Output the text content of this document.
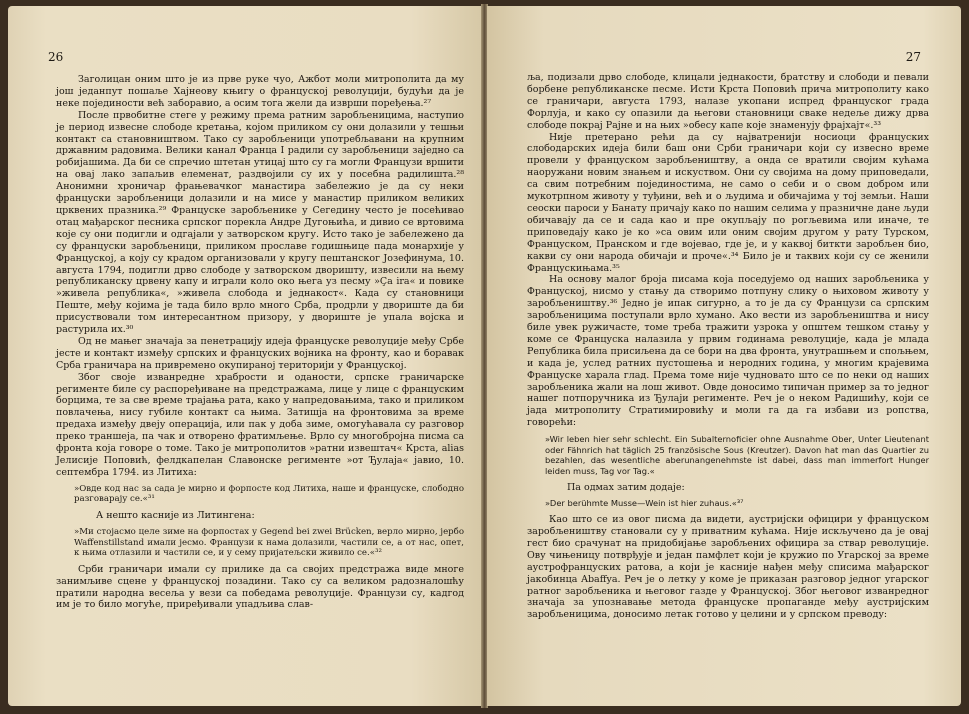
26

Заголицан оним што је из прве руке чуо, Ажбот моли митрополита да му још једанпут пошаље Хајнеову књигу о француској револуцији, будући да је неке појединости већ заборавио, а осим тога жели да изврши поређења.²⁷

После првобитне стеге у режиму према ратним заробљеницима, наступио је период извесне слободе кретања, којом приликом су они долазили у тешњи контакт са становништвом. Тако су заробљеници употребљавани на крупним државним радовима. Велики канал Франца I радили су заробљеници заједно са робијашима. Да би се спречио штетан утицај што су га могли Французи вршити на овај лако запаљив елеменат, раздвојили су их у посебна радилишта.²⁸ Анонимни хроничар фрањевачког манастира забележио је да су неки француски заробљеници долазили и на мисе у манастир приликом великих црквених празника.²⁹ Француске заробљенике у Сегедину често је посећивао отац мађарског песника српског порекла Андре Дугоњића, и дивио се вртовима које су они подигли и одгајали у затворском кругу. Исто тако је забележено да су француски заробљеници, приликом прославе годишњице пада монархије у Француској, а коју су крадом организовали у кругу пештанског Јозефинума, 10. августа 1794, подигли дрво слободе у затворском дворишту, извесили на њему републиканску црвену капу и играли коло око њега уз песму »Ça ira« и повике »живела република«, »живела слобода и једнакост«. Када су становници Пеште, међу којима је тада било врло много Срба, продрли у двориште да би присуствовали том интересантном призору, у двориште је упала војска и растурила их.³⁰

Од не мањег значаја за пенетрацију идеја француске револуције међу Србе јесте и контакт између српских и француских војника на фронту, као и боравак Срба граничара на привремено окупираној територији у Француској.

Због своје изванредне храбрости и оданости, српске граничарске регименте биле су распоређиване на предстражама, лице у лице с француским борцима, те за све време трајања рата, како у напредовањима, тако и приликом повлачења, нису губиле контакт са њима. Затишја на фронтовима за време предаха између двеју операција, или пак у доба зиме, омогућавала су разговор преко траншеја, па чак и отворено фратимљење. Врло су многобројна писма са фронта која говоре о томе. Тако је митрополитов »ратни извештач« Крста, alias Јелисије Поповић, фелдкапелан Славонске регименте »от Ђулаја« јавио, 10. септембра 1794. из Литиха:

»Овде код нас за сада је мирно и форпосте код Литиха, наше и француске, слободно разговарају се.«³¹

А нешто касније из Литингена:

»Ми стојасмо целе зиме на форпостах у Gegend bei zwei Brücken, верло мирно, јербо Waffenstillstand имали јесмо. Французи к нама долазили, частили се, а от нас, опет, к њима отлазили и частили се, и у сему пријатељски живило се.«³²

Срби граничари имали су прилике да са својих предстража виде многе занимљиве сцене у француској позадини. Тако су са великом радозналошћу пратили народна весеља у вези са победама револуције. Французи су, кадгод им је то било могуће, приређивали упадљива слав-

27

ља, подизали дрво слободе, клицали једнакости, братству и слободи и певали борбене републиканске песме. Исти Крста Поповић прича митрополиту како се граничари, августа 1793, налазе укопани испред француског града Форлуја, и како су опазили да његови становници сваке недеље дижу дрва слободе покрај Рајне и на њих »обесу капе које знаменују фрајхајт«.³³

Није претерано рећи да су најватренији носиоци француских слободарских идеја били баш они Срби граничари који су извесно време провели у француском заробљеништву, а онда се вратили својим кућама наоружани новим знањем и искуством. Они су својима на дому приповедали, са свим потребним појединостима, не само о себи и о свом добром или мукотрпном животу у туђини, већ и о људима и обичајима у тој земљи. Наши сеоски пароси у Банату причају како по нашим селима у празничне дане људи обичавају да се и сада као и пре окупљају по рогљевима или иначе, те приповедају како је ко »са овим или оним својим другом у рату Турском, Француском, Пранском и где војевао, где је, и у каквој биткти заробљен био, какви су они народа обичаји и проче«.³⁴ Било је и таквих који су се женили Францускињама.³⁵

На основу малог броја писама која поседујемо од наших заробљеника у Француској, нисмо у стању да створимо потпуну слику о њиховом животу у заробљеништву.³⁶ Једно је ипак сигурно, а то је да су Французи са српским заробљеницима поступали врло хумано. Ако вести из заробљеништва и нису биле увек ружичасте, томе треба тражити узрока у општем тешком стању у коме се Француска налазила у првим годинама револуције, када је млада Република била присиљена да се бори на два фронта, унутрашњем и спољњем, и када је, услед ратних пустошења и неродних година, у многим крајевима Француске харала глад. Према томе није чудновато што се по неки од наших заробљеника жали на лош живот. Овде доносимо типичан пример за то једног нашег потпоручника из Ђулаји регименте. Реч је о неком Радишићу, који се јада митрополиту Стратимировићу и моли га да га избави из ропства, говорећи:

»Wir leben hier sehr schlecht. Ein Subalternoficier ohne Ausnahme Ober, Unter Lieutenant oder Fähnrich hat täglich 25 französische Sous (Kreutzer). Davon hat man das Quartier zu bezahlen, das wesentliche aberunangenehmste ist dabei, dass man immerfort Hunger leiden muss, Tag vor Tag.«

Па одмах затим додаје:

»Der berühmte Musse—Wein ist hier zuhaus.«³⁷

Као што се из овог писма да видети, аустријски официри у француском заробљеништву становали су у приватним кућама. Није искључено да је овај гест био срачунат на придобијање заробљених официра за ствар револуције. Ову чињеницу потврђује и један памфлет који је кружио по Угарској за време аустрофранцуских ратова, а који је касније нађен међу списима мађарског јакобинца Abaffya. Реч је о летку у коме је приказан разговор једног угарског ратног заробљеника и његовог газде у Француској. Због његовог изванредног значаја за упознавање метода француске пропаганде међу аустријским заробљеницима, доносимо летак готово у целини и у српском преводу:
